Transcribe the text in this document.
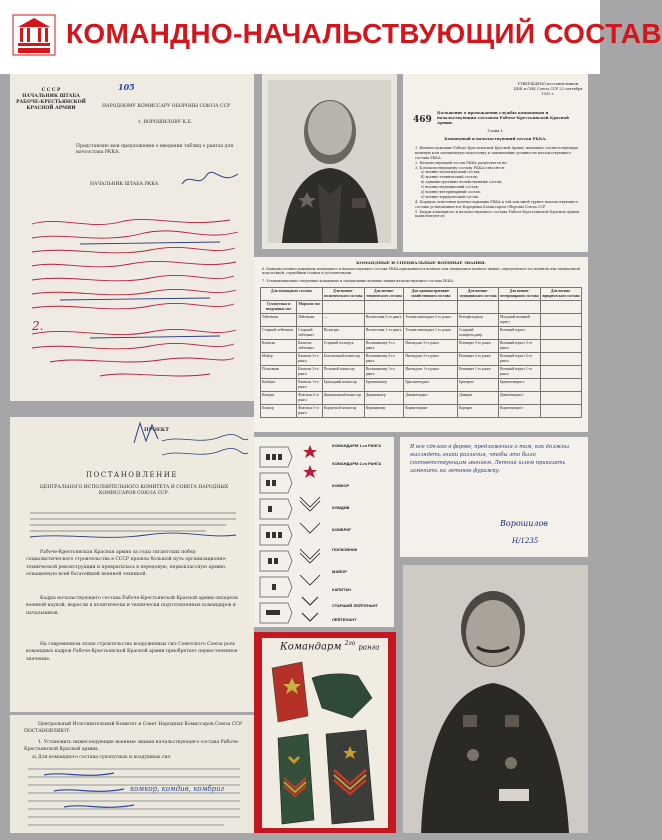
КОМАНДНО-НАЧАЛЬСТВУЮЩИЙ СОСТАВ
С С С Р
НАЧАЛЬНИК ШТАБА
РАБОЧЕ-КРЕСТЬЯНСКОЙ
КРАСНОЙ АРМИИ
105
НАРОДНОМУ КОМИССАРУ ОБОРОНЫ СОЮЗА ССР
т. ВОРОШИЛОВУ К.Е.
Представляю мои предложения о введении таблиц о рангах для начсостава РККА.
НАЧАЛЬНИК ШТАБА РККА
2.
469
УТВЕРЖДЕНО постановлением ЦИК и СНК Союза ССР 22 сентября 1935 г.
Положение о прохождении службы командным и начальствующим составом Рабоче-Крестьянской Красной Армии.
Глава I.
Командный и начальствующий состав РККА.
1. Военнослужащие Рабоче-Крестьянской Красной Армии, имеющие соответствующую военную или специальную подготовку и занимающие должности начальствующего состава РККА.
2. Начальствующий состав РККА разделяется на:
3. К начальствующему составу РККА относятся:
а) военно-политический состав;
б) военно-технический состав;
в) административно-хозяйственный состав;
г) военно-медицинский состав;
д) военно-ветеринарный состав;
е) военно-юридический состав.
4. Порядок отнесения военнослужащих РККА к той или иной группе начальствующего состава устанавливается Народным Комиссаром Обороны Союза ССР.
5. Кадры командного и начальствующего состава Рабоче-Крестьянской Красной Армии комплектуются:
КОМАНДНЫЕ И СПЕЦИАЛЬНЫЕ ВОЕННЫЕ ЗВАНИЯ.
6. Каждому военнослужащему командного и начальствующего состава РККА присваивается военное или специальное военное звание, определяемое его военной или специальной подготовкой, служебным стажем и достоинствами.
7. Устанавливаемые следующие командные и специальные военные звания начальствующего состава РККА:
Для командного состава		Для военно-политического состава	Для военно-технического состава	Для административно-хозяйственного состава	Для военно-медицинского состава	Для военно-ветеринарного состава	Для военно-юридического состава
Сухопутных и воздушных сил	Морских сил						
Лейтенант	Лейтенант	—	Воентехник 2-го ранга	Техник-интендант 2-го ранга	Военфельдшер	Младший военный юрист	
Старший лейтенант	Старший лейтенант	Политрук	Воентехник 1-го ранга	Техник-интендант 1-го ранга	Старший военфельдшер	Военный юрист	
Капитан	Капитан-лейтенант	Старший политрук	Военинженер 3-го ранга	Интендант 3-го ранга	Военврач 3-го ранга	Военный юрист 3-го ранга	
Майор	Капитан 3-го ранга	Батальонный комиссар	Военинженер 2-го ранга	Интендант 2-го ранга	Военврач 2-го ранга	Военный юрист 2-го ранга	
Полковник	Капитан 2-го ранга	Полковой комиссар	Военинженер 1-го ранга	Интендант 1-го ранга	Военврач 1-го ранга	Военный юрист 1-го ранга	
Комбриг	Капитан 1-го ранга	Бригадный комиссар	Бригинженер	Бригинтендант	Бригврач	Бригвоенюрист	
Комдив	Флагман 2-го ранга	Дивизионный комиссар	Дивинженер	Дивинтендант	Дивврач	Диввоенюрист	
Комкор	Флагман 1-го ранга	Корпусной комиссар	Коринженер	Коринтендант	Корврач	Корвоенюрист	
ПРОЕКТ
ПОСТАНОВЛЕНИЕ
ЦЕНТРАЛЬНОГО ИСПОЛНИТЕЛЬНОГО КОМИТЕТА И СОВЕТА НАРОДНЫХ КОМИССАРОВ СОЮЗА ССР.
Рабоче-Крестьянская Красная армия за годы гигантских побед социалистического строительства в СССР прошла большой путь организационно-технической реконструкции и превратилась в передовую, первоклассную армию, оснащенную всей богатейшей военной техникой.
Кадры начальствующего состава Рабоче-Крестьянской Красной армии овладели военной наукой, выросли в политически и технически подготовленных командиров и начальников.
На современном этапе строительства вооруженных сил Советского Союза роль командных кадров Рабоче-Крестьянской Красной армии приобретает первостепенное значение.
Центральный Исполнительный Комитет и Совет Народных Комиссаров Союза ССР ПОСТАНОВЛЯЮТ:
1. Установить нижеследующие военные звания начальствующего состава Рабоче-Крестьянской Красной армии:
а) Для командного состава сухопутных и воздушных сил
комкор, комдив, комбриг
КОМАНДАРМ 1-го РАНГА
КОМАНДАРМ 2-го РАНГА
КОМКОР
КОМДИВ
КОМБРИГ
ПОЛКОВНИК
МАЙОР
КАПИТАН
СТАРШИЙ ЛЕЙТЕНАНТ
ЛЕЙТЕНАНТ
Я все сделаю в форме, предложения о том, как должны выглядеть знаки различия, чтобы это было соответствующим званием. Летний шлем приказать заменить на летнюю фуражку.
Ворошилов
Н/1235
Командарм $^{2го}$ ранга
